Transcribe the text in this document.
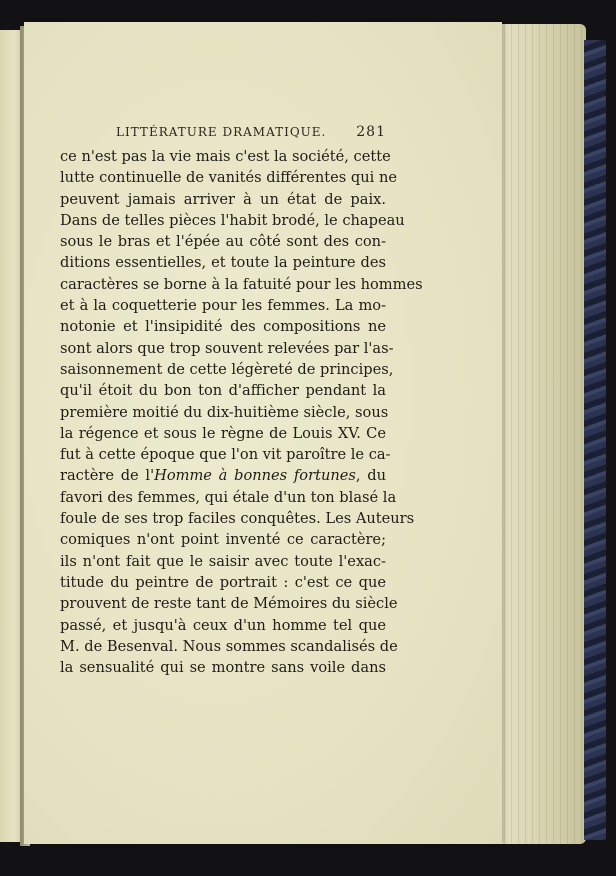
LITTÉRATURE DRAMATIQUE. 281
ce n'est pas la vie mais c'est la société, cette
lutte continuelle de vanités différentes qui ne
peuvent jamais arriver à un état de paix.
Dans de telles pièces l'habit brodé, le chapeau
sous le bras et l'épée au côté sont des con-
ditions essentielles, et toute la peinture des
caractères se borne à la fatuité pour les hommes
et à la coquetterie pour les femmes. La mo-
notonie et l'insipidité des compositions ne
sont alors que trop souvent relevées par l'as-
saisonnement de cette légèreté de principes,
qu'il étoit du bon ton d'afficher pendant la
première moitié du dix-huitième siècle, sous
la régence et sous le règne de Louis XV. Ce
fut à cette époque que l'on vit paroître le ca-
ractère de l'Homme à bonnes fortunes, du
favori des femmes, qui étale d'un ton blasé la
foule de ses trop faciles conquêtes. Les Auteurs
comiques n'ont point inventé ce caractère;
ils n'ont fait que le saisir avec toute l'exac-
titude du peintre de portrait : c'est ce que
prouvent de reste tant de Mémoires du siècle
passé, et jusqu'à ceux d'un homme tel que
M. de Besenval. Nous sommes scandalisés de
la sensualité qui se montre sans voile dans
